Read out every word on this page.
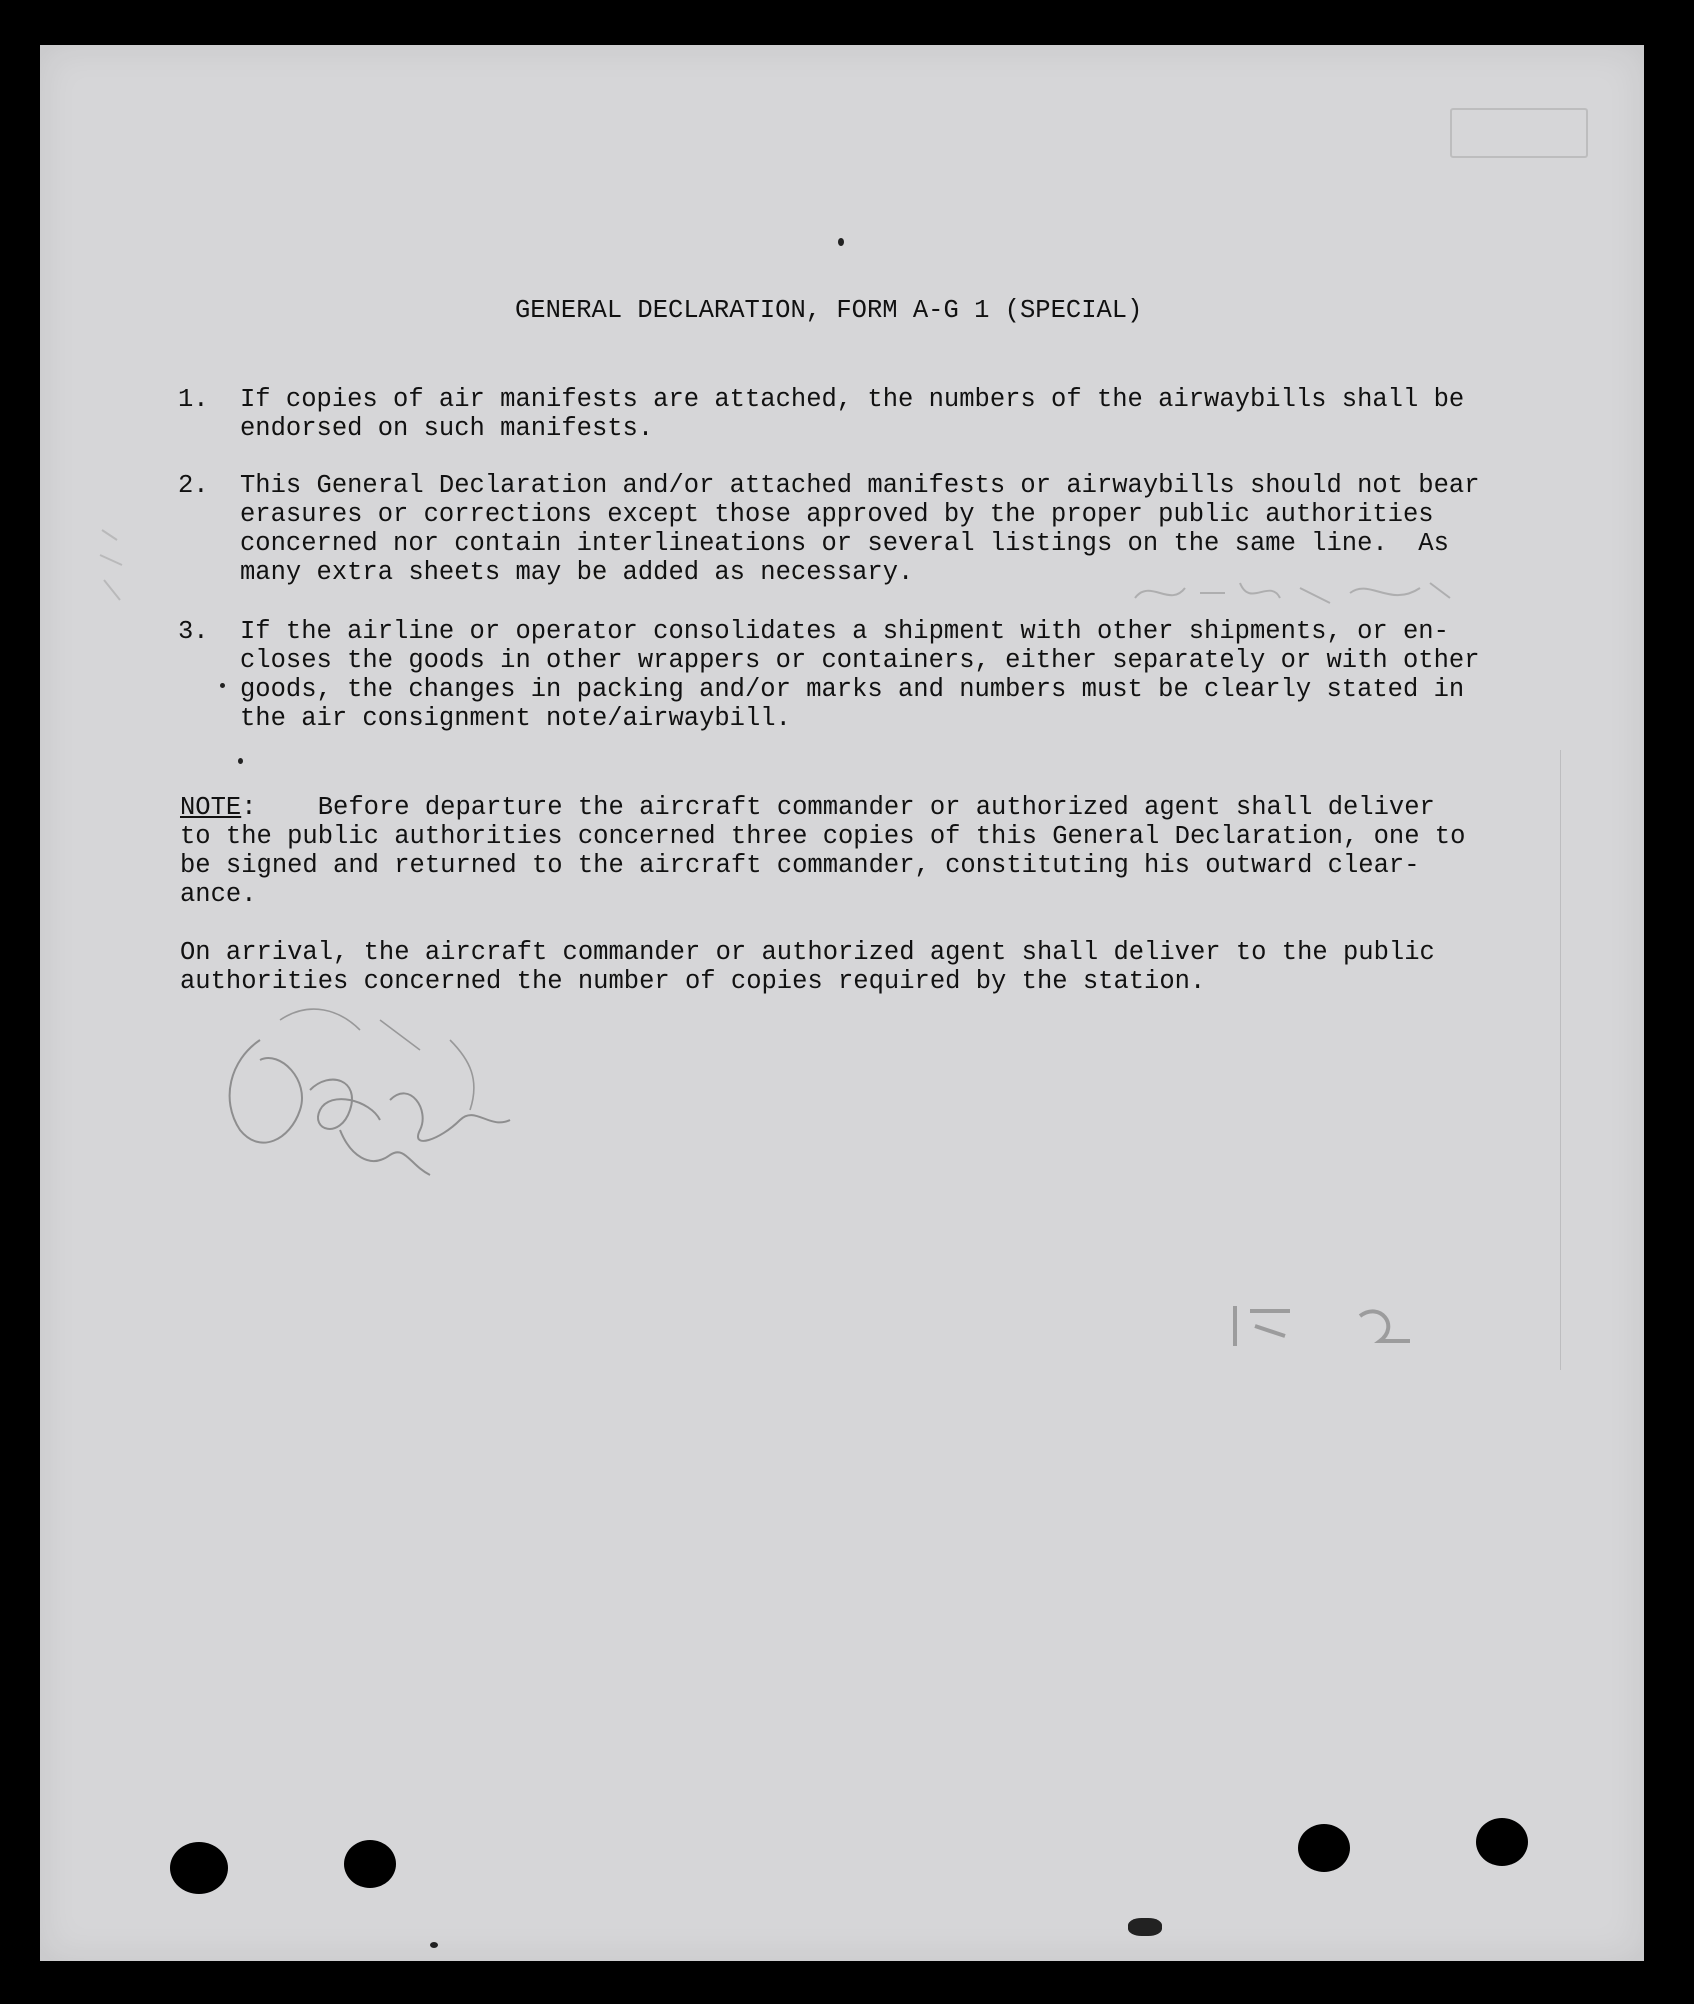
GENERAL DECLARATION, FORM A-G 1 (SPECIAL)
1. If copies of air manifests are attached, the numbers of the airwaybills shall be
endorsed on such manifests.
2. This General Declaration and/or attached manifests or airwaybills should not bear
erasures or corrections except those approved by the proper public authorities
concerned nor contain interlineations or several listings on the same line.  As
many extra sheets may be added as necessary.
3. If the airline or operator consolidates a shipment with other shipments, or en-
closes the goods in other wrappers or containers, either separately or with other
goods, the changes in packing and/or marks and numbers must be clearly stated in
the air consignment note/airwaybill.
NOTE:    Before departure the aircraft commander or authorized agent shall deliver
to the public authorities concerned three copies of this General Declaration, one to
be signed and returned to the aircraft commander, constituting his outward clear-
ance.
On arrival, the aircraft commander or authorized agent shall deliver to the public
authorities concerned the number of copies required by the station.
